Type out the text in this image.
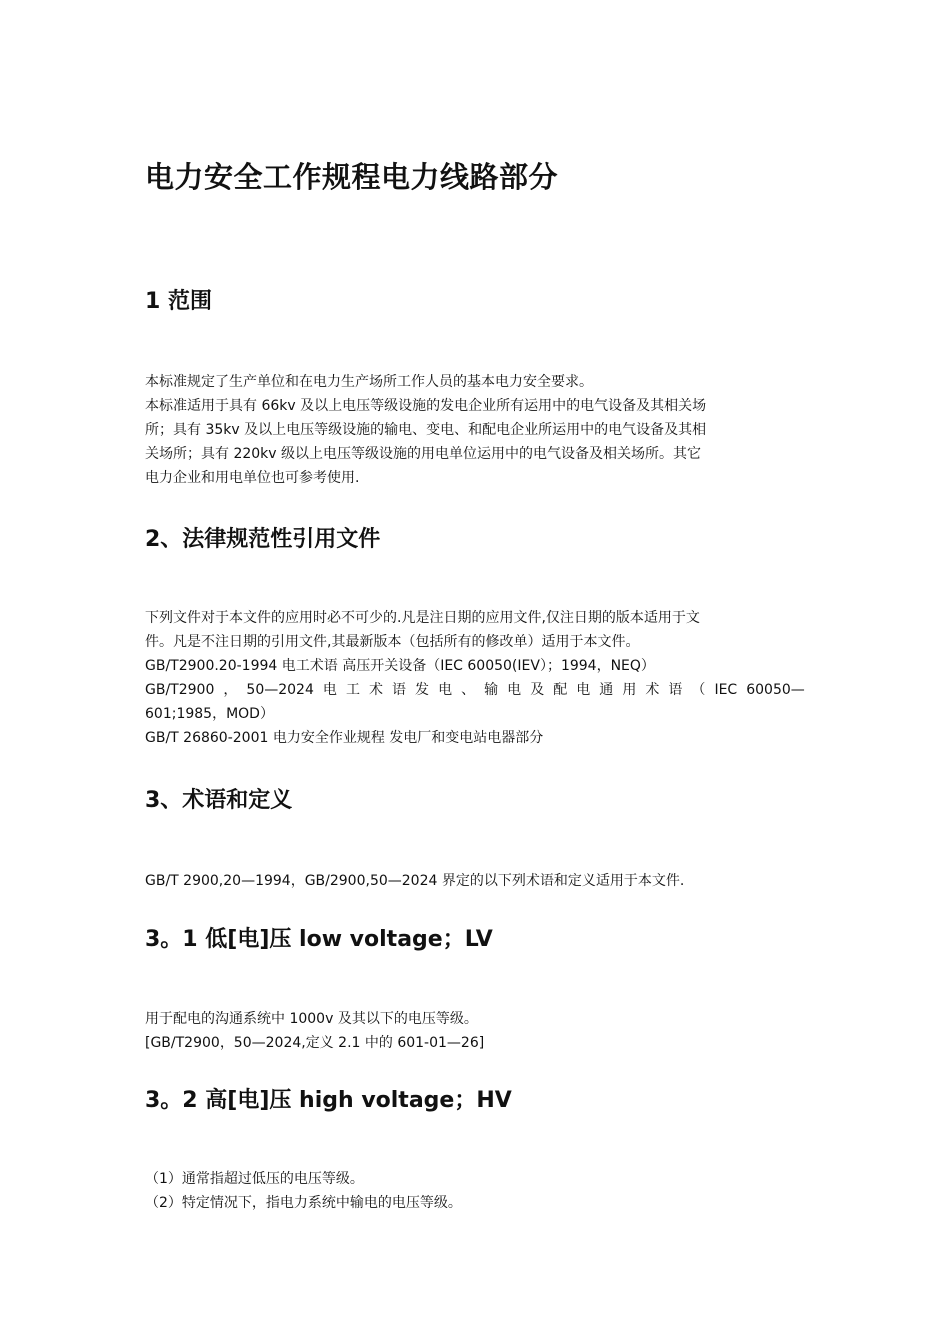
电力安全工作规程电力线路部分
1 范围
本标准规定了生产单位和在电力生产场所工作人员的基本电力安全要求。
本标准适用于具有 66kv 及以上电压等级设施的发电企业所有运用中的电气设备及其相关场
所；具有 35kv 及以上电压等级设施的输电、变电、和配电企业所运用中的电气设备及其相
关场所；具有 220kv 级以上电压等级设施的用电单位运用中的电气设备及相关场所。其它
电力企业和用电单位也可参考使用.
2、法律规范性引用文件
下列文件对于本文件的应用时必不可少的.凡是注日期的应用文件,仅注日期的版本适用于文
件。凡是不注日期的引用文件,其最新版本（包括所有的修改单）适用于本文件。
GB/T2900.20-1994 电工术语 高压开关设备（IEC 60050(IEV）；1994，NEQ）
GB/T2900 ， 50—2024 电 工 术 语 发 电 、 输 电 及 配 电 通 用 术 语 （ IEC 60050—
601;1985，MOD）
GB/T 26860-2001 电力安全作业规程 发电厂和变电站电器部分
3、术语和定义
GB/T 2900,20—1994，GB/2900,50—2024 界定的以下列术语和定义适用于本文件.
3。1 低[电]压 low voltage；LV
用于配电的沟通系统中 1000v 及其以下的电压等级。
[GB/T2900，50—2024,定义 2.1 中的 601-01—26]
3。2 高[电]压 high voltage；HV
（1）通常指超过低压的电压等级。
（2）特定情况下，指电力系统中输电的电压等级。
